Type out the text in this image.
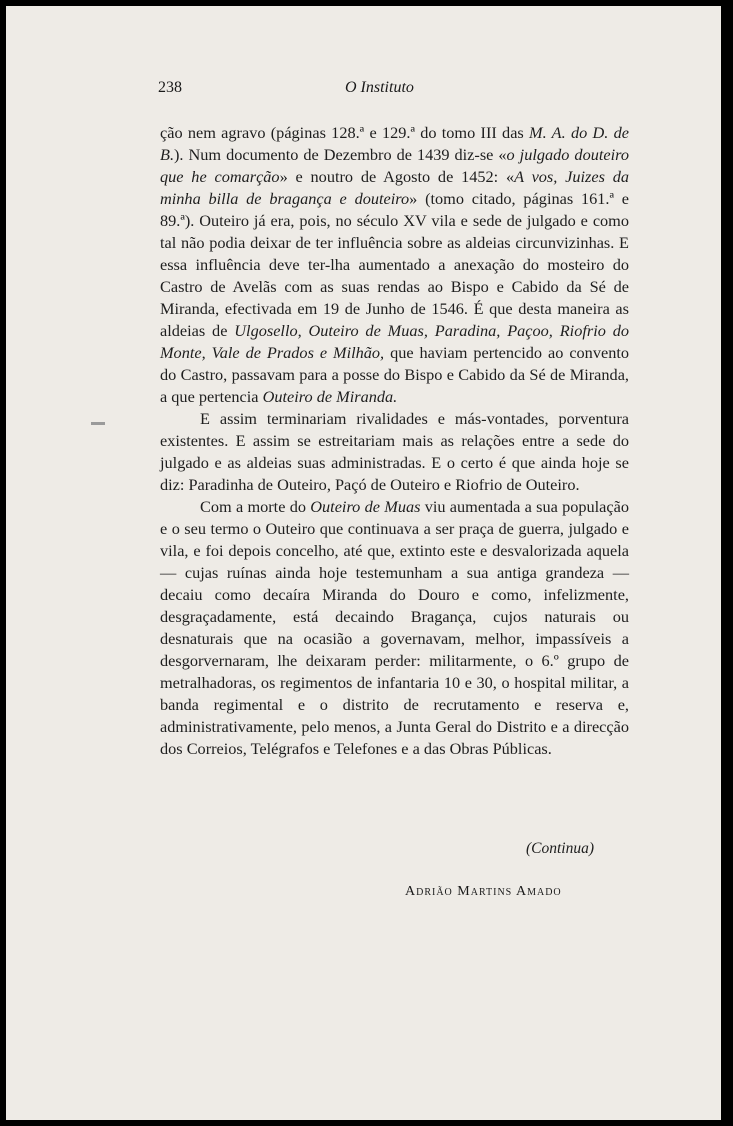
238	O Instituto

ção nem agravo (páginas 128.ª e 129.ª do tomo III das M. A. do D. de B.). Num documento de Dezembro de 1439 diz-se «o julgado douteiro que he comarção» e noutro de Agosto de 1452: «A vos, Juizes da minha billa de bragança e douteiro» (tomo citado, páginas 161.ª e 89.ª). Outeiro já era, pois, no século XV vila e sede de julgado e como tal não podia deixar de ter influência sobre as aldeias circunvizinhas. E essa influência deve ter-lha aumentado a anexação do mosteiro do Castro de Avelãs com as suas rendas ao Bispo e Cabido da Sé de Miranda, efectivada em 19 de Junho de 1546. É que desta maneira as aldeias de Ulgosello, Outeiro de Muas, Paradina, Paçoo, Riofrio do Monte, Vale de Prados e Milhão, que haviam pertencido ao convento do Castro, passavam para a posse do Bispo e Cabido da Sé de Miranda, a que pertencia Outeiro de Miranda.

E assim terminariam rivalidades e más-vontades, porventura existentes. E assim se estreitariam mais as relações entre a sede do julgado e as aldeias suas administradas. E o certo é que ainda hoje se diz: Paradinha de Outeiro, Paçó de Outeiro e Riofrio de Outeiro.

Com a morte do Outeiro de Muas viu aumentada a sua população e o seu termo o Outeiro que continuava a ser praça de guerra, julgado e vila, e foi depois concelho, até que, extinto este e desvalorizada aquela — cujas ruínas ainda hoje testemunham a sua antiga grandeza — decaiu como decaíra Miranda do Douro e como, infelizmente, desgraçadamente, está decaindo Bragança, cujos naturais ou desnaturais que na ocasião a governavam, melhor, impassíveis a desgorvernaram, lhe deixaram perder: militarmente, o 6.º grupo de metralhadoras, os regimentos de infantaria 10 e 30, o hospital militar, a banda regimental e o distrito de recrutamento e reserva e, administrativamente, pelo menos, a Junta Geral do Distrito e a direcção dos Correios, Telégrafos e Telefones e a das Obras Públicas.

(Continua)
Adrião Martins Amado
